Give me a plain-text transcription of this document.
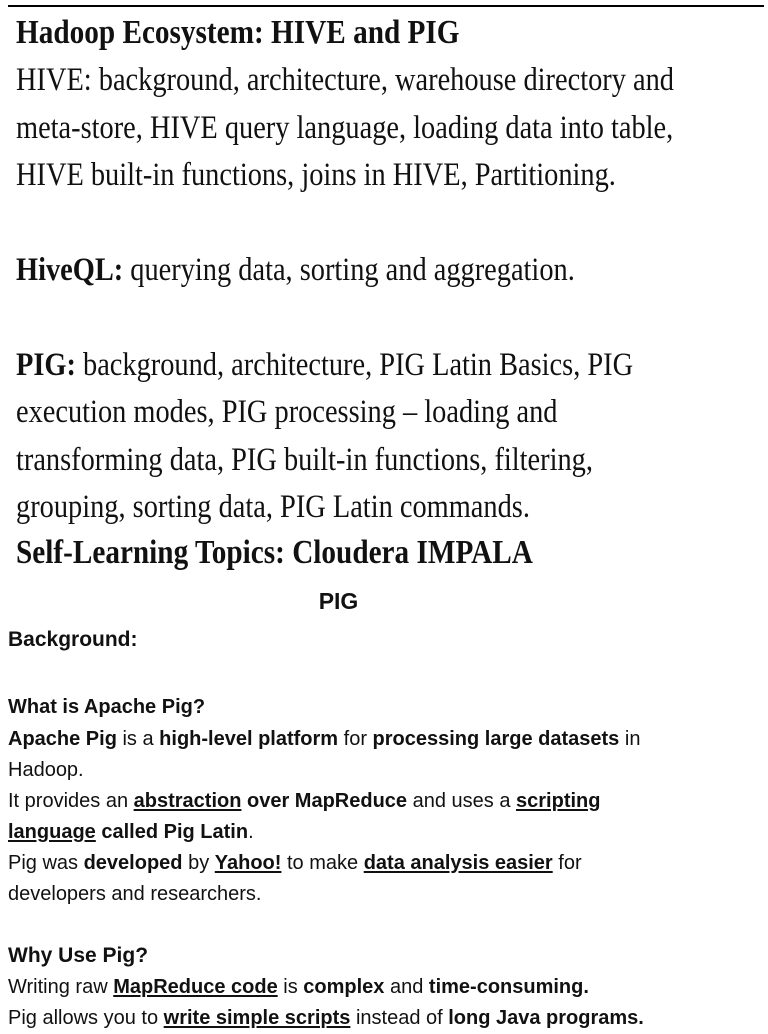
Hadoop Ecosystem: HIVE and PIG
HIVE: background, architecture, warehouse directory and
meta-store, HIVE query language, loading data into table,
HIVE built-in functions, joins in HIVE, Partitioning.
HiveQL: querying data, sorting and aggregation.
PIG: background, architecture, PIG Latin Basics, PIG
execution modes, PIG processing – loading and
transforming data, PIG built-in functions, filtering,
grouping, sorting data, PIG Latin commands.
Self-Learning Topics: Cloudera IMPALA
PIG
Background:
What is Apache Pig?
Apache Pig is a high-level platform for processing large datasets in
Hadoop.
It provides an abstraction over MapReduce and uses a scripting
language called Pig Latin.
Pig was developed by Yahoo! to make data analysis easier for
developers and researchers.
Why Use Pig?
Writing raw MapReduce code is complex and time-consuming.
Pig allows you to write simple scripts instead of long Java programs.
